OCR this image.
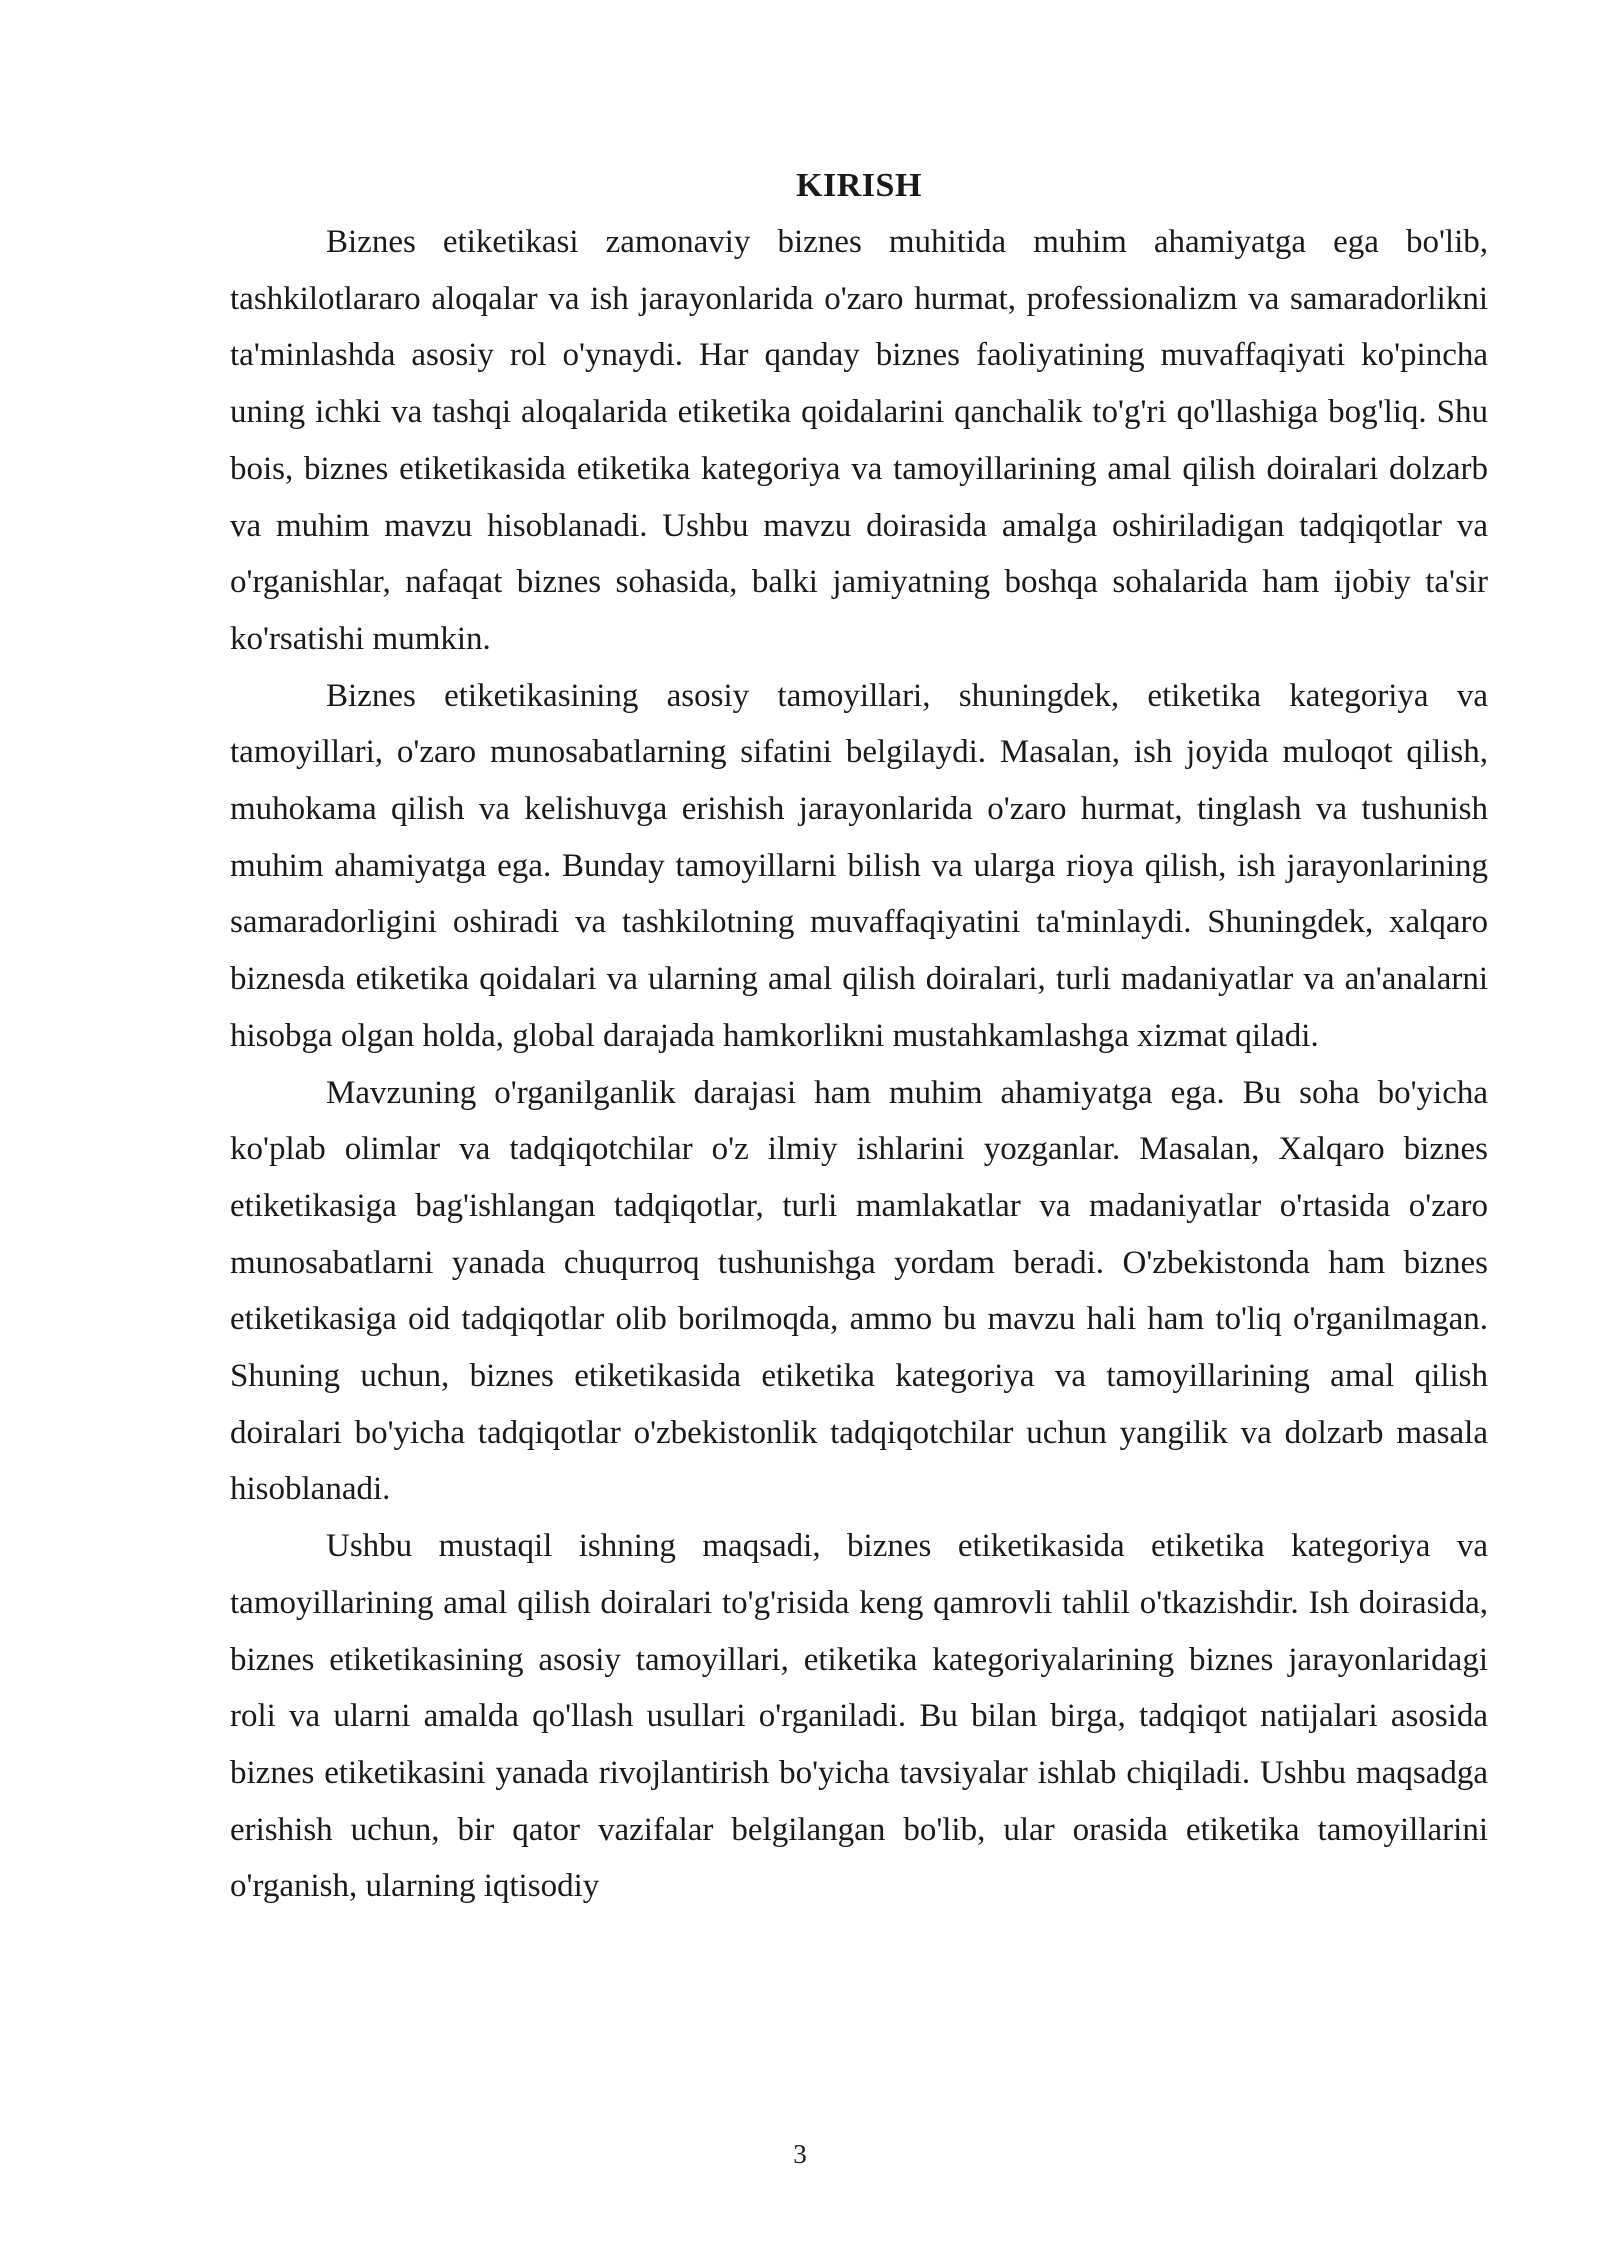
KIRISH

Biznes etiketikasi zamonaviy biznes muhitida muhim ahamiyatga ega bo'lib, tashkilotlararo aloqalar va ish jarayonlarida o'zaro hurmat, professionalizm va samaradorlikni ta'minlashda asosiy rol o'ynaydi. Har qanday biznes faoliyatining muvaffaqiyati ko'pincha uning ichki va tashqi aloqalarida etiketika qoidalarini qanchalik to'g'ri qo'llashiga bog'liq. Shu bois, biznes etiketikasida etiketika kategoriya va tamoyillarining amal qilish doiralari dolzarb va muhim mavzu hisoblanadi. Ushbu mavzu doirasida amalga oshiriladigan tadqiqotlar va o'rganishlar, nafaqat biznes sohasida, balki jamiyatning boshqa sohalarida ham ijobiy ta'sir ko'rsatishi mumkin.

Biznes etiketikasining asosiy tamoyillari, shuningdek, etiketika kategoriya va tamoyillari, o'zaro munosabatlarning sifatini belgilaydi. Masalan, ish joyida muloqot qilish, muhokama qilish va kelishuvga erishish jarayonlarida o'zaro hurmat, tinglash va tushunish muhim ahamiyatga ega. Bunday tamoyillarni bilish va ularga rioya qilish, ish jarayonlarining samaradorligini oshiradi va tashkilotning muvaffaqiyatini ta'minlaydi. Shuningdek, xalqaro biznesda etiketika qoidalari va ularning amal qilish doiralari, turli madaniyatlar va an'analarni hisobga olgan holda, global darajada hamkorlikni mustahkamlashga xizmat qiladi.

Mavzuning o'rganilganlik darajasi ham muhim ahamiyatga ega. Bu soha bo'yicha ko'plab olimlar va tadqiqotchilar o'z ilmiy ishlarini yozganlar. Masalan, Xalqaro biznes etiketikasiga bag'ishlangan tadqiqotlar, turli mamlakatlar va madaniyatlar o'rtasida o'zaro munosabatlarni yanada chuqurroq tushunishga yordam beradi. O'zbekistonda ham biznes etiketikasiga oid tadqiqotlar olib borilmoqda, ammo bu mavzu hali ham to'liq o'rganilmagan. Shuning uchun, biznes etiketikasida etiketika kategoriya va tamoyillarining amal qilish doiralari bo'yicha tadqiqotlar o'zbekistonlik tadqiqotchilar uchun yangilik va dolzarb masala hisoblanadi.

Ushbu mustaqil ishning maqsadi, biznes etiketikasida etiketika kategoriya va tamoyillarining amal qilish doiralari to'g'risida keng qamrovli tahlil o'tkazishdir. Ish doirasida, biznes etiketikasining asosiy tamoyillari, etiketika kategoriyalarining biznes jarayonlaridagi roli va ularni amalda qo'llash usullari o'rganiladi. Bu bilan birga, tadqiqot natijalari asosida biznes etiketikasini yanada rivojlantirish bo'yicha tavsiyalar ishlab chiqiladi. Ushbu maqsadga erishish uchun, bir qator vazifalar belgilangan bo'lib, ular orasida etiketika tamoyillarini o'rganish, ularning iqtisodiy

3
